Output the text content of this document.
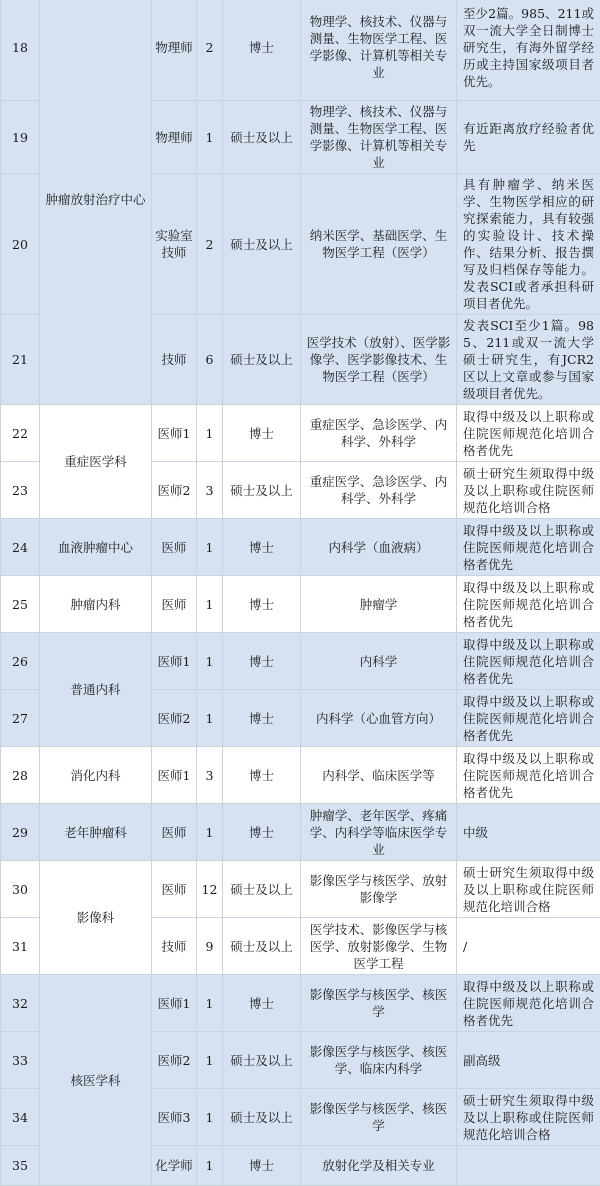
18	肿瘤放射治疗中心	物理师	2	博士	物理学、核技术、仪器与测量、生物医学工程、医学影像、计算机等相关专业	至少2篇。985、211或双一流大学全日制博士研究生，有海外留学经历或主持国家级项目者优先。
19		物理师	1	硕士及以上	物理学、核技术、仪器与测量、生物医学工程、医学影像、计算机等相关专业	有近距离放疗经验者优先
20		实验室技师	2	硕士及以上	纳米医学、基础医学、生物医学工程（医学）	具有肿瘤学、纳米医学、生物医学相应的研究探索能力，具有较强的实验设计、技术操作、结果分析、报告撰写及归档保存等能力。发表SCI或者承担科研项目者优先。
21		技师	6	硕士及以上	医学技术（放射）、医学影像学、医学影像技术、生物医学工程（医学）	发表SCI至少1篇。985、211或双一流大学硕士研究生，有JCR2区以上文章或参与国家级项目者优先。
22	重症医学科	医师1	1	博士	重症医学、急诊医学、内科学、外科学	取得中级及以上职称或住院医师规范化培训合格者优先
23		医师2	3	硕士及以上	重症医学、急诊医学、内科学、外科学	硕士研究生须取得中级及以上职称或住院医师规范化培训合格
24	血液肿瘤中心	医师	1	博士	内科学（血液病）	取得中级及以上职称或住院医师规范化培训合格者优先
25	肿瘤内科	医师	1	博士	肿瘤学	取得中级及以上职称或住院医师规范化培训合格者优先
26	普通内科	医师1	1	博士	内科学	取得中级及以上职称或住院医师规范化培训合格者优先
27		医师2	1	博士	内科学（心血管方向）	取得中级及以上职称或住院医师规范化培训合格者优先
28	消化内科	医师1	3	博士	内科学、临床医学等	取得中级及以上职称或住院医师规范化培训合格者优先
29	老年肿瘤科	医师	1	博士	肿瘤学、老年医学、疼痛学、内科学等临床医学专业	中级
30	影像科	医师	12	硕士及以上	影像医学与核医学、放射影像学	硕士研究生须取得中级及以上职称或住院医师规范化培训合格
31		技师	9	硕士及以上	医学技术、影像医学与核医学、放射影像学、生物医学工程	/
32	核医学科	医师1	1	博士	影像医学与核医学、核医学	取得中级及以上职称或住院医师规范化培训合格者优先
33		医师2	1	硕士及以上	影像医学与核医学、核医学、临床内科学	副高级
34		医师3	1	硕士及以上	影像医学与核医学、核医学	硕士研究生须取得中级及以上职称或住院医师规范化培训合格
35		化学师	1	博士	放射化学及相关专业	
